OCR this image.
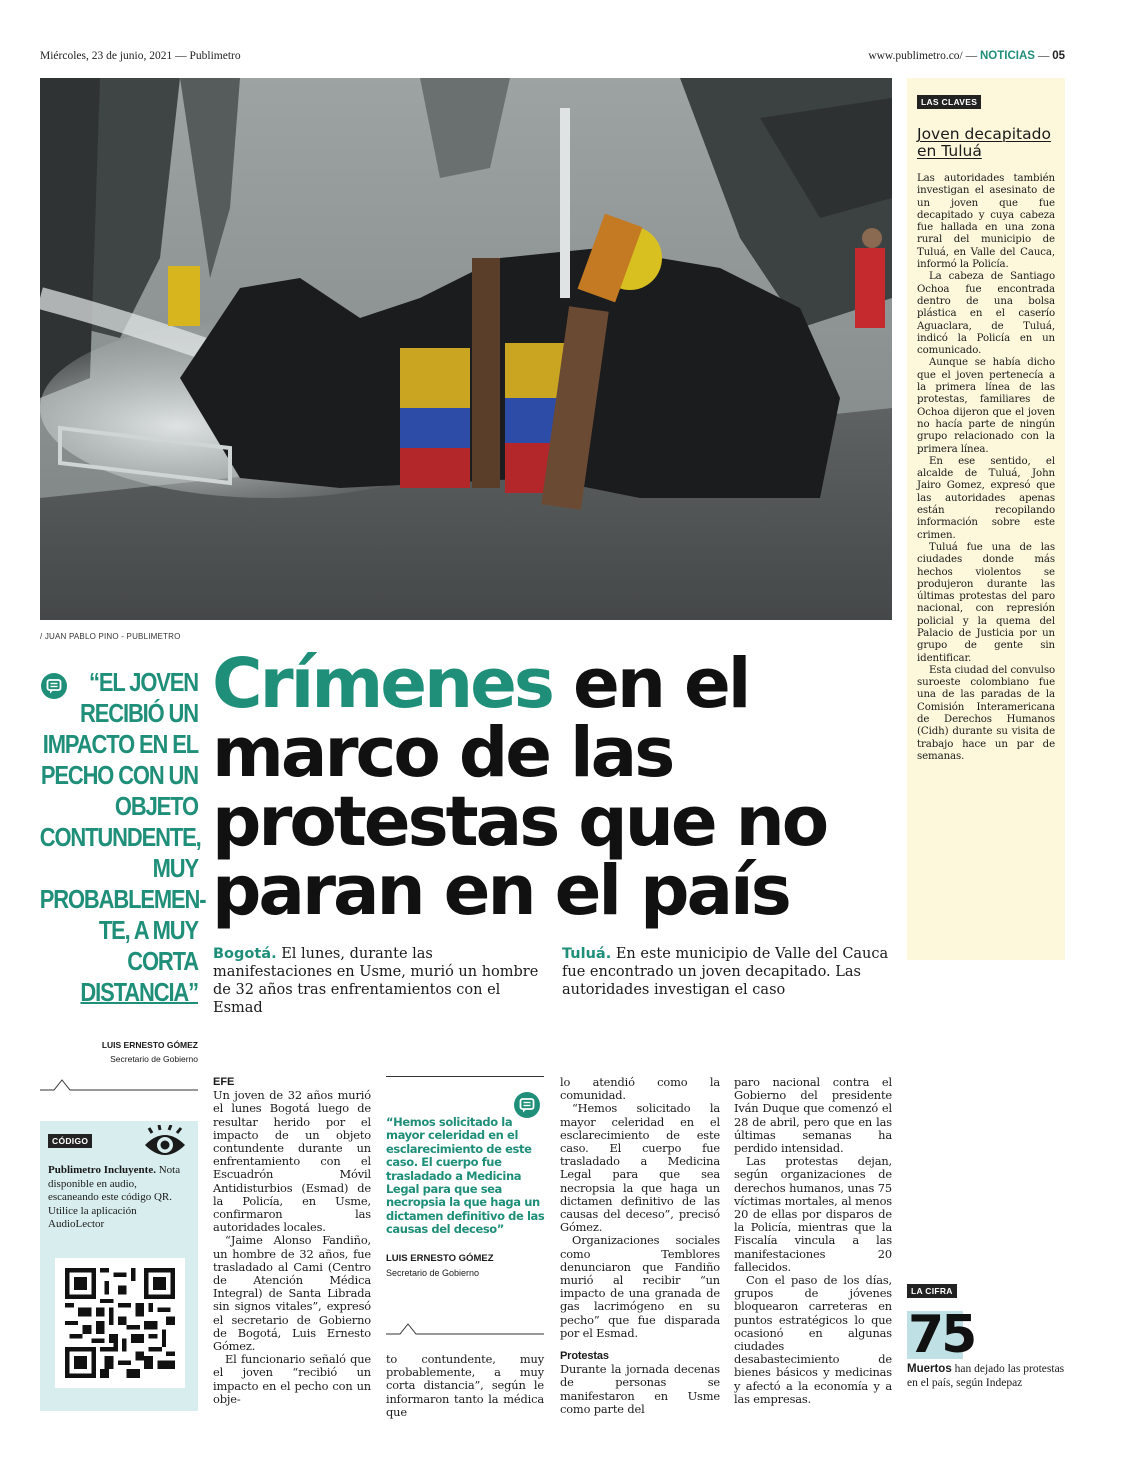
Miércoles, 23 de junio, 2021 — Publimetro	www.publimetro.co/ — NOTICIAS — 05
/ JUAN PABLO PINO - PUBLIMETRO
LAS CLAVES
Joven decapitado en Tuluá

Las autoridades también investigan el asesinato de un joven que fue decapitado y cuya cabeza fue hallada en una zona rural del municipio de Tuluá, en Valle del Cauca, informó la Policía.

La cabeza de Santiago Ochoa fue encontrada dentro de una bolsa plástica en el caserío Aguaclara, de Tuluá, indicó la Policía en un comunicado.

Aunque se había dicho que el joven pertenecía a la primera línea de las protestas, familiares de Ochoa dijeron que el joven no hacía parte de ningún grupo relacionado con la primera línea.

En ese sentido, el alcalde de Tuluá, John Jairo Gomez, expresó que las autoridades apenas están recopilando información sobre este crimen.

Tuluá fue una de las ciudades donde más hechos violentos se produjeron durante las últimas protestas del paro nacional, con represión policial y la quema del Palacio de Justicia por un grupo de gente sin identificar.

Esta ciudad del convulso suroeste colombiano fue una de las paradas de la Comisión Interamericana de Derechos Humanos (Cidh) durante su visita de trabajo hace un par de semanas.

“EL JOVEN
RECIBIÓ UN
IMPACTO EN EL
PECHO CON UN
OBJETO
CONTUNDENTE,
MUY
PROBABLEMEN-
TE, A MUY
CORTA
DISTANCIA”
LUIS ERNESTO GÓMEZ
Secretario de Gobierno
Crímenes en el
marco de las
protestas que no
paran en el país
Bogotá. El lunes, durante las manifestaciones en Usme, murió un hombre de 32 años tras enfrentamientos con el Esmad
Tuluá. En este municipio de Valle del Cauca fue encontrado un joven decapitado. Las autoridades investigan el caso
CÓDIGO
Publimetro Incluyente. Nota disponible en audio, escaneando este código QR. Utilice la aplicación AudioLector

EFE

Un joven de 32 años murió el lunes Bogotá luego de resultar herido por el impacto de un objeto contundente durante un enfrentamiento con el Escuadrón Móvil Antidisturbios (Esmad) de la Policía, en Usme, confirmaron las autoridades locales.

“Jaime Alonso Fandiño, un hombre de 32 años, fue trasladado al Cami (Centro de Atención Médica Integral) de Santa Librada sin signos vitales”, expresó el secretario de Gobierno de Bogotá, Luis Ernesto Gómez.

El funcionario señaló que el joven “recibió un impacto en el pecho con un obje-

“Hemos solicitado la mayor celeridad en el esclarecimiento de este caso. El cuerpo fue trasladado a Medicina Legal para que sea necropsia la que haga un dictamen definitivo de las causas del deceso”
LUIS ERNESTO GÓMEZ
Secretario de Gobierno

to contundente, muy probablemente, a muy corta distancia”, según le informaron tanto la médica que

lo atendió como la comunidad.

“Hemos solicitado la mayor celeridad en el esclarecimiento de este caso. El cuerpo fue trasladado a Medicina Legal para que sea necropsia la que haga un dictamen definitivo de las causas del deceso”, precisó Gómez.

Organizaciones sociales como Temblores denunciaron que Fandiño murió al recibir “un impacto de una granada de gas lacrimógeno en su pecho” que fue disparada por el Esmad.

Protestas

Durante la jornada decenas de personas se manifestaron en Usme como parte del

paro nacional contra el Gobierno del presidente Iván Duque que comenzó el 28 de abril, pero que en las últimas semanas ha perdido intensidad.

Las protestas dejan, según organizaciones de derechos humanos, unas 75 víctimas mortales, al menos 20 de ellas por disparos de la Policía, mientras que la Fiscalía vincula a las manifestaciones 20 fallecidos.

Con el paso de los días, grupos de jóvenes bloquearon carreteras en puntos estratégicos lo que ocasionó en algunas ciudades desabastecimiento de bienes básicos y medicinas y afectó a la economía y a las empresas.

LA CIFRA
75
Muertos han dejado las protestas en el país, según Indepaz
